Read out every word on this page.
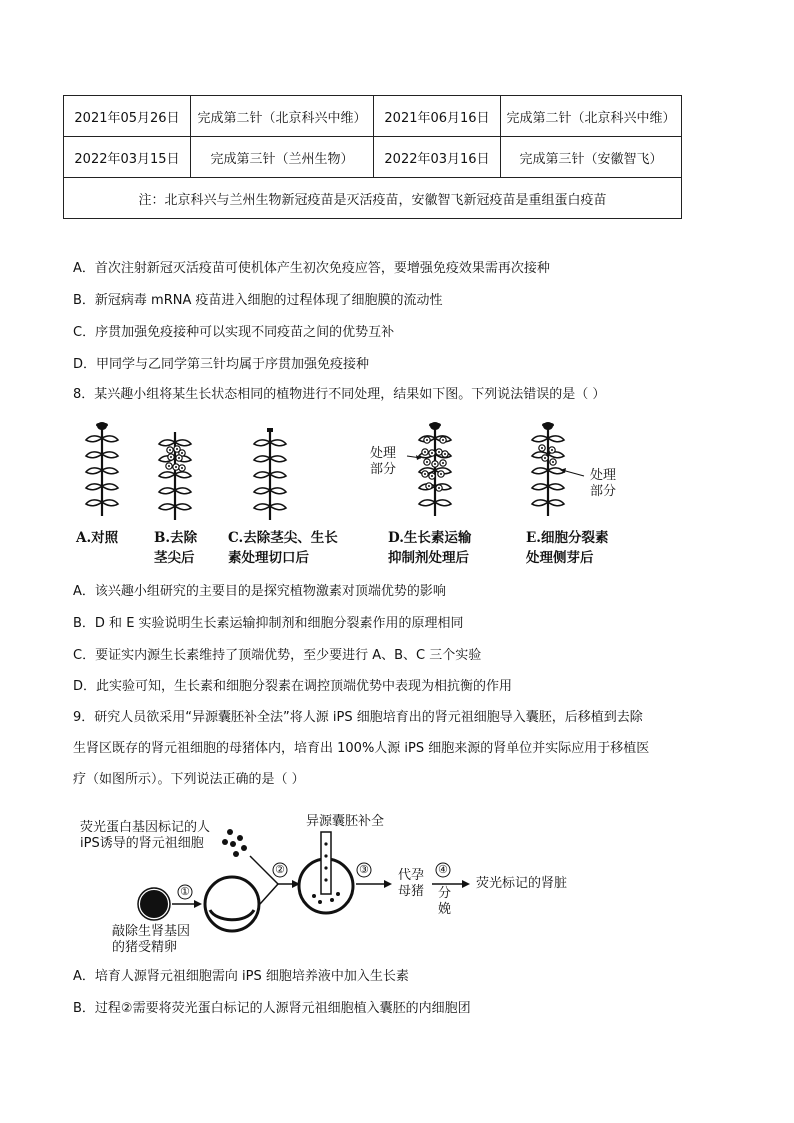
2021年05月26日	完成第二针（北京科兴中维）	2021年06月16日	完成第二针（北京科兴中维）
2022年03月15日	完成第三针（兰州生物）	2022年03月16日	完成第三针（安徽智飞）
注：北京科兴与兰州生物新冠疫苗是灭活疫苗，安徽智飞新冠疫苗是重组蛋白疫苗			
A．首次注射新冠灭活疫苗可使机体产生初次免疫应答，要增强免疫效果需再次接种
B．新冠病毒 mRNA 疫苗进入细胞的过程体现了细胞膜的流动性
C．序贯加强免疫接种可以实现不同疫苗之间的优势互补
D．甲同学与乙同学第三针均属于序贯加强免疫接种
8．某兴趣小组将某生长状态相同的植物进行不同处理，结果如下图。下列说法错误的是（ ）
处理
部分	处理
部分
A.对照	B.去除
茎尖后
C.去除茎尖、生长
素处理切口后
D.生长素运输
抑制剂处理后
E.细胞分裂素
处理侧芽后
A．该兴趣小组研究的主要目的是探究植物激素对顶端优势的影响
B．D 和 E 实验说明生长素运输抑制剂和细胞分裂素作用的原理相同
C．要证实内源生长素维持了顶端优势，至少要进行 A、B、C 三个实验
D．此实验可知，生长素和细胞分裂素在调控顶端优势中表现为相抗衡的作用
9．研究人员欲采用“异源囊胚补全法”将人源 iPS 细胞培育出的肾元祖细胞导入囊胚，后移植到去除
生肾区既存的肾元祖细胞的母猪体内，培育出 100%人源 iPS 细胞来源的肾单位并实际应用于移植医
疗（如图所示）。下列说法正确的是（ ）
荧光蛋白基因标记的人
iPS诱导的肾元祖细胞
异源囊胚补全
敲除生肾基因
的猪受精卵
①
②	③	④
代孕
母猪 分
娩
荧光标记的肾脏
A．培育人源肾元祖细胞需向 iPS 细胞培养液中加入生长素
B．过程②需要将荧光蛋白标记的人源肾元祖细胞植入囊胚的内细胞团
